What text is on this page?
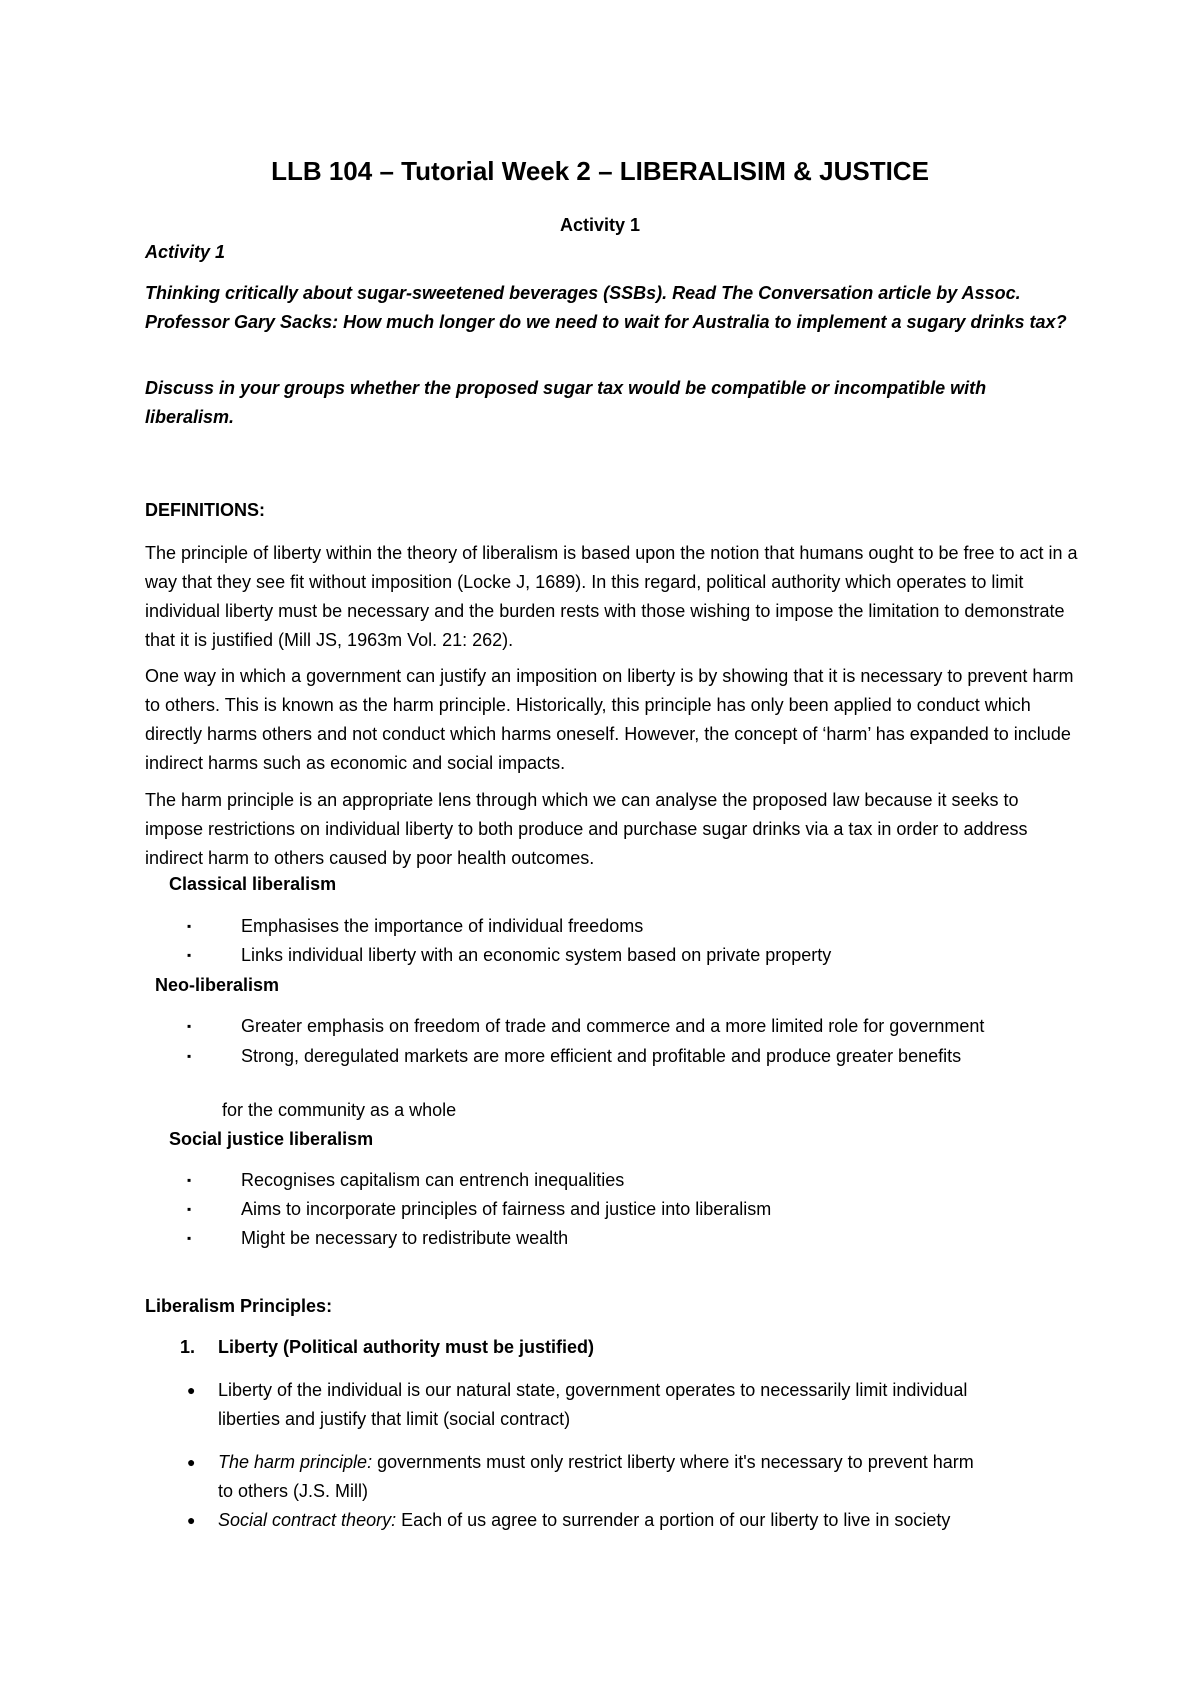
LLB 104 – Tutorial Week 2 – LIBERALISIM & JUSTICE
Activity 1

Activity 1

Thinking critically about sugar-sweetened beverages (SSBs). Read The Conversation article by Assoc. Professor Gary Sacks: How much longer do we need to wait for Australia to implement a sugary drinks tax?

Discuss in your groups whether the proposed sugar tax would be compatible or incompatible with liberalism.

DEFINITIONS:

The principle of liberty within the theory of liberalism is based upon the notion that humans ought to be free to act in a way that they see fit without imposition (Locke J, 1689). In this regard, political authority which operates to limit individual liberty must be necessary and the burden rests with those wishing to impose the limitation to demonstrate that it is justified (Mill JS, 1963m Vol. 21: 262).

One way in which a government can justify an imposition on liberty is by showing that it is necessary to prevent harm to others. This is known as the harm principle. Historically, this principle has only been applied to conduct which directly harms others and not conduct which harms oneself. However, the concept of ‘harm’ has expanded to include indirect harms such as economic and social impacts.

The harm principle is an appropriate lens through which we can analyse the proposed law because it seeks to impose restrictions on individual liberty to both produce and purchase sugar drinks via a tax in order to address indirect harm to others caused by poor health outcomes.

Classical liberalism

▪	Emphasises the importance of individual freedoms
▪	Links individual liberty with an economic system based on private property

Neo-liberalism

▪	Greater emphasis on freedom of trade and commerce and a more limited role for government
▪	Strong, deregulated markets are more efficient and profitable and produce greater benefits

for the community as a whole

Social justice liberalism

▪	Recognises capitalism can entrench inequalities
▪	Aims to incorporate principles of fairness and justice into liberalism
▪	Might be necessary to redistribute wealth

Liberalism Principles:

1. Liberty (Political authority must be justified)
● Liberty of the individual is our natural state, government operates to necessarily limit individual liberties and justify that limit (social contract)
● The harm principle: governments must only restrict liberty where it's necessary to prevent harm to others (J.S. Mill)
● Social contract theory: Each of us agree to surrender a portion of our liberty to live in society
